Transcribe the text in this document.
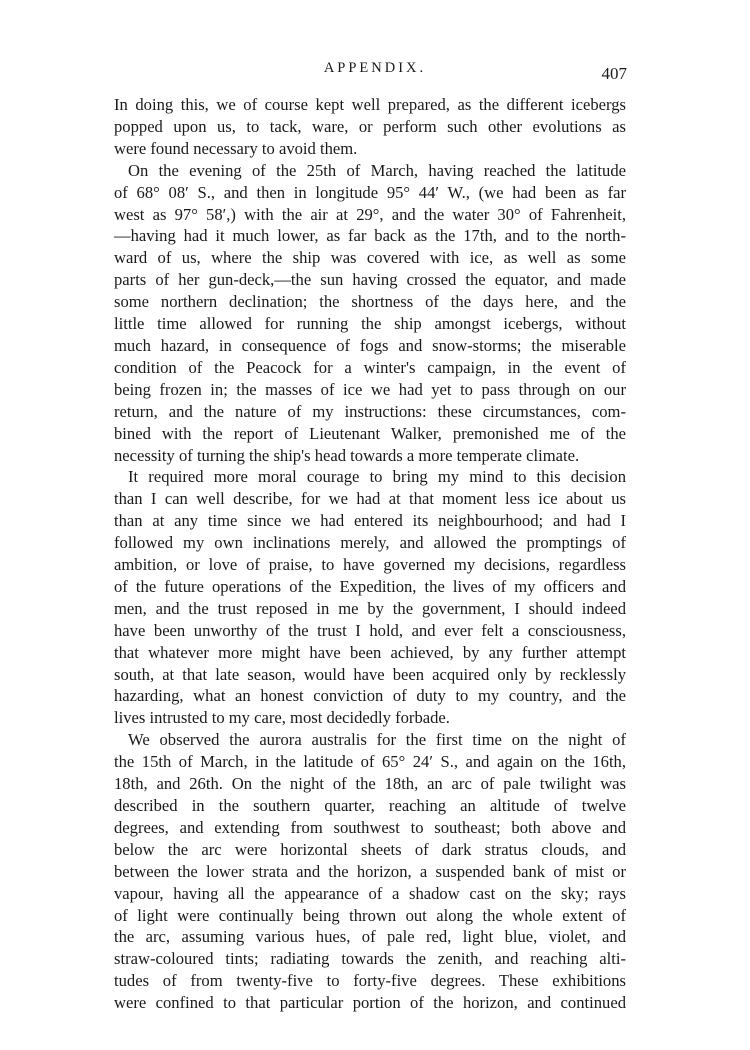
APPENDIX.	407

In doing this, we of course kept well prepared, as the different icebergs
popped upon us, to tack, ware, or perform such other evolutions as
were found necessary to avoid them.

On the evening of the 25th of March, having reached the latitude
of 68° 08′ S., and then in longitude 95° 44′ W., (we had been as far
west as 97° 58′,) with the air at 29°, and the water 30° of Fahrenheit,
—having had it much lower, as far back as the 17th, and to the north-
ward of us, where the ship was covered with ice, as well as some
parts of her gun-deck,—the sun having crossed the equator, and made
some northern declination; the shortness of the days here, and the
little time allowed for running the ship amongst icebergs, without
much hazard, in consequence of fogs and snow-storms; the miserable
condition of the Peacock for a winter's campaign, in the event of
being frozen in; the masses of ice we had yet to pass through on our
return, and the nature of my instructions: these circumstances, com-
bined with the report of Lieutenant Walker, premonished me of the
necessity of turning the ship's head towards a more temperate climate.

It required more moral courage to bring my mind to this decision
than I can well describe, for we had at that moment less ice about us
than at any time since we had entered its neighbourhood; and had I
followed my own inclinations merely, and allowed the promptings of
ambition, or love of praise, to have governed my decisions, regardless
of the future operations of the Expedition, the lives of my officers and
men, and the trust reposed in me by the government, I should indeed
have been unworthy of the trust I hold, and ever felt a consciousness,
that whatever more might have been achieved, by any further attempt
south, at that late season, would have been acquired only by recklessly
hazarding, what an honest conviction of duty to my country, and the
lives intrusted to my care, most decidedly forbade.

We observed the aurora australis for the first time on the night of
the 15th of March, in the latitude of 65° 24′ S., and again on the 16th,
18th, and 26th. On the night of the 18th, an arc of pale twilight was
described in the southern quarter, reaching an altitude of twelve
degrees, and extending from southwest to southeast; both above and
below the arc were horizontal sheets of dark stratus clouds, and
between the lower strata and the horizon, a suspended bank of mist or
vapour, having all the appearance of a shadow cast on the sky; rays
of light were continually being thrown out along the whole extent of
the arc, assuming various hues, of pale red, light blue, violet, and
straw-coloured tints; radiating towards the zenith, and reaching alti-
tudes of from twenty-five to forty-five degrees. These exhibitions
were confined to that particular portion of the horizon, and continued
